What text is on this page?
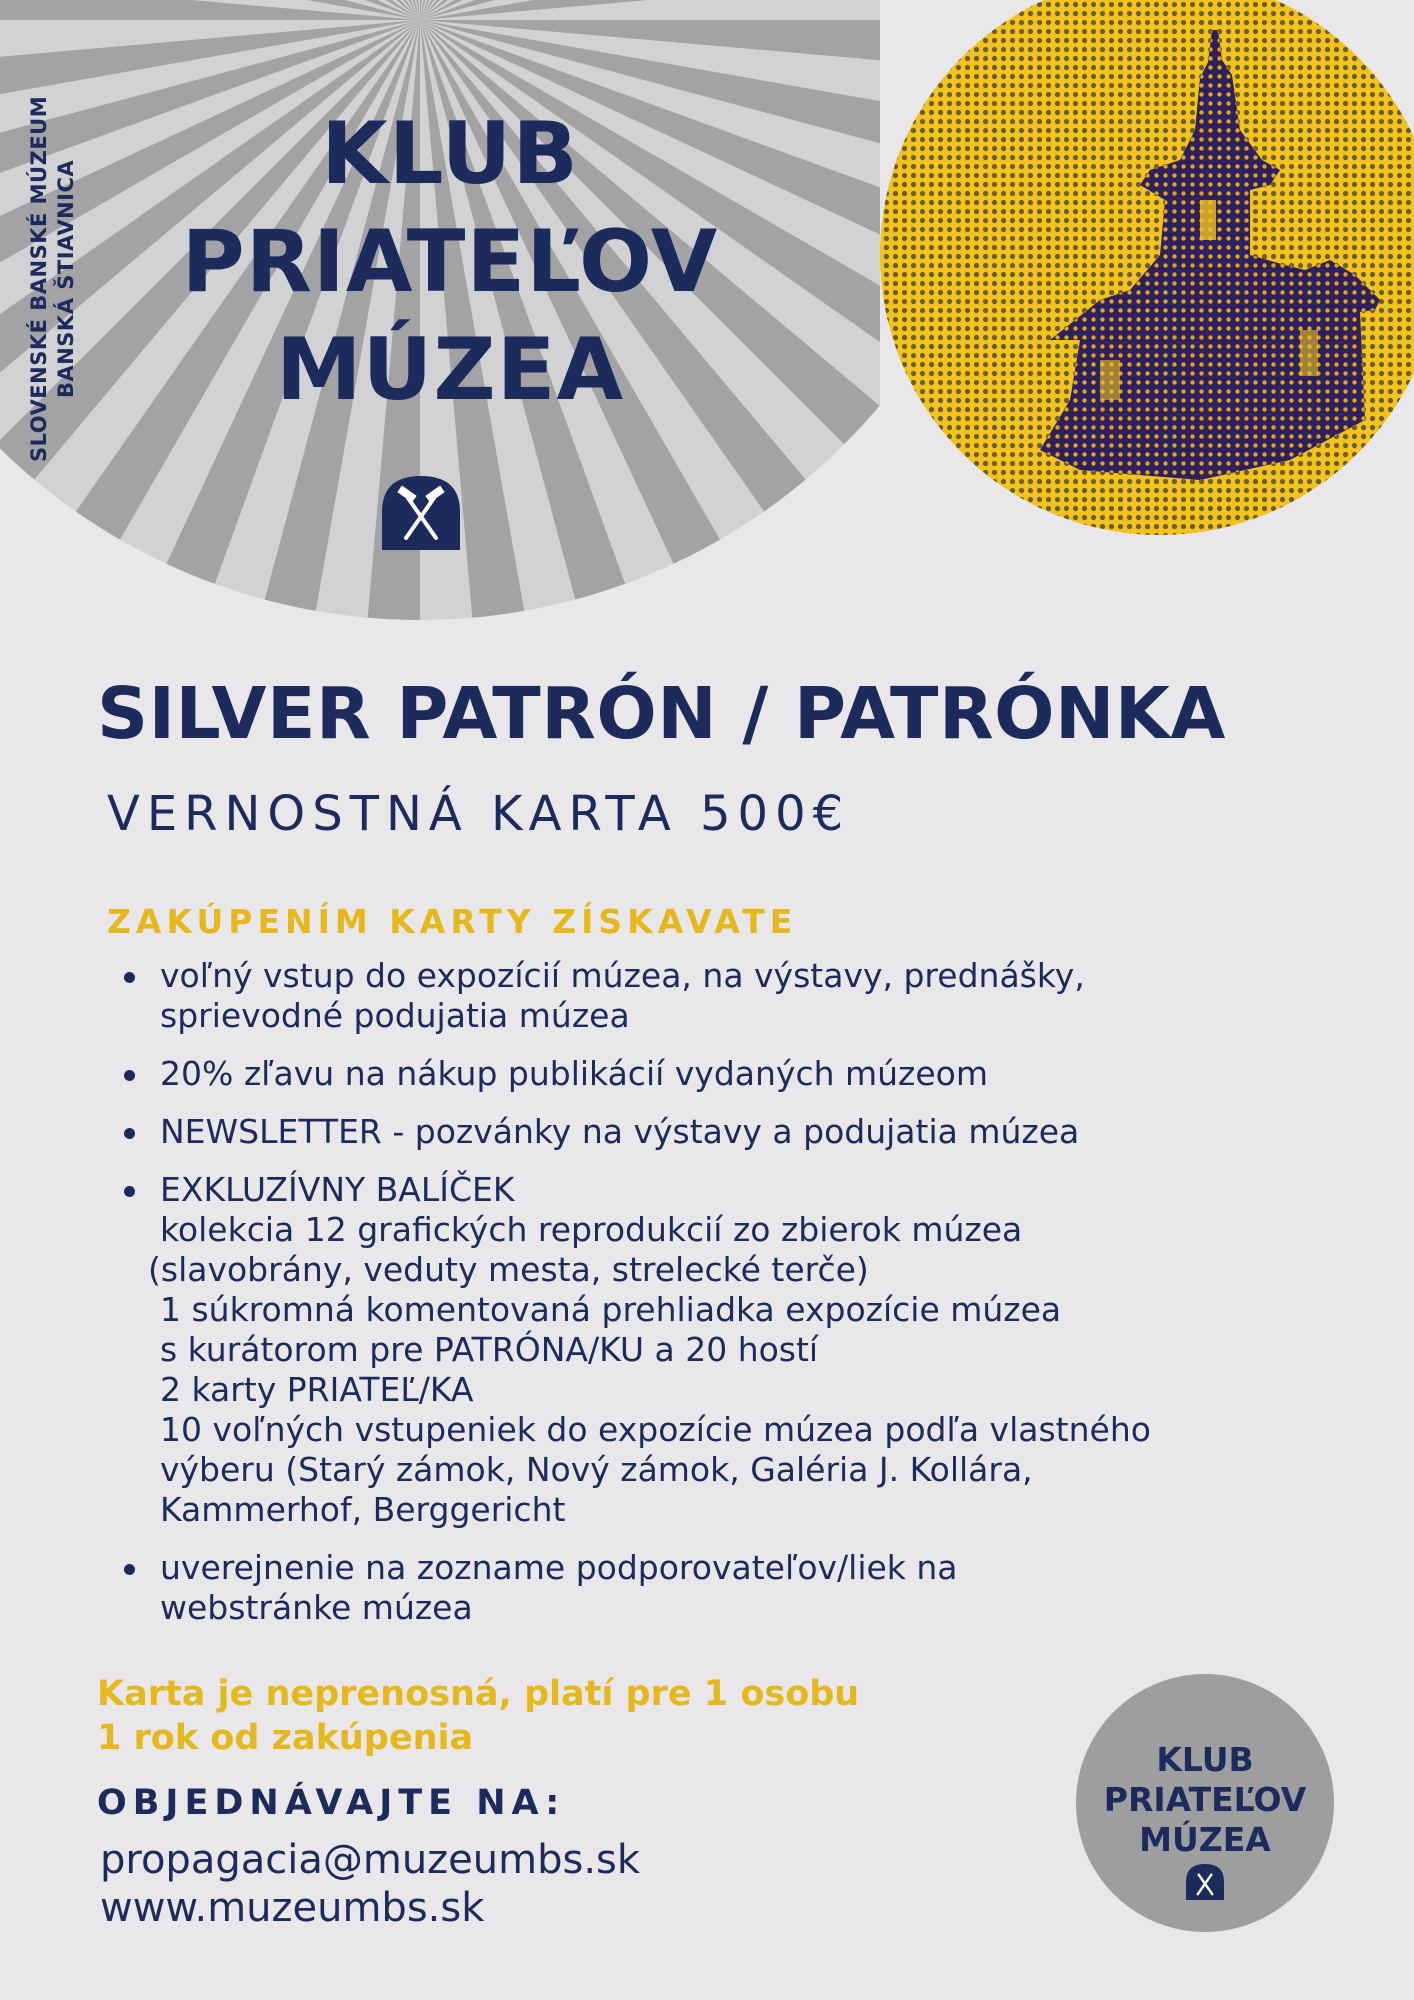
SLOVENSKÉ BANSKÉ MÚZEUM BANSKÁ ŠTIAVNICA
KLUB
PRIATEĽOV
MÚZEA
SILVER PATRÓN / PATRÓNKA
VERNOSTNÁ KARTA 500€
ZAKÚPENÍM KARTY ZÍSKAVATE
voľný vstup do expozícií múzea, na výstavy, prednášky,
sprievodné podujatia múzea
20% zľavu na nákup publikácií vydaných múzeom
NEWSLETTER - pozvánky na výstavy a podujatia múzea
EXKLUZÍVNY BALÍČEK
kolekcia 12 grafických reprodukcií zo zbierok múzea
(slavobrány, veduty mesta, strelecké terče)
1 súkromná komentovaná prehliadka expozície múzea
s kurátorom pre PATRÓNA/KU a 20 hostí
2 karty PRIATEĽ/KA
10 voľných vstupeniek do expozície múzea podľa vlastného
výberu (Starý zámok, Nový zámok, Galéria J. Kollára,
Kammerhof, Berggericht
uverejnenie na zozname podporovateľov/liek na
webstránke múzea
Karta je neprenosná, platí pre 1 osobu
1 rok od zakúpenia
OBJEDNÁVAJTE NA:
propagacia@muzeumbs.sk
www.muzeumbs.sk
KLUB
PRIATEĽOV
MÚZEA
